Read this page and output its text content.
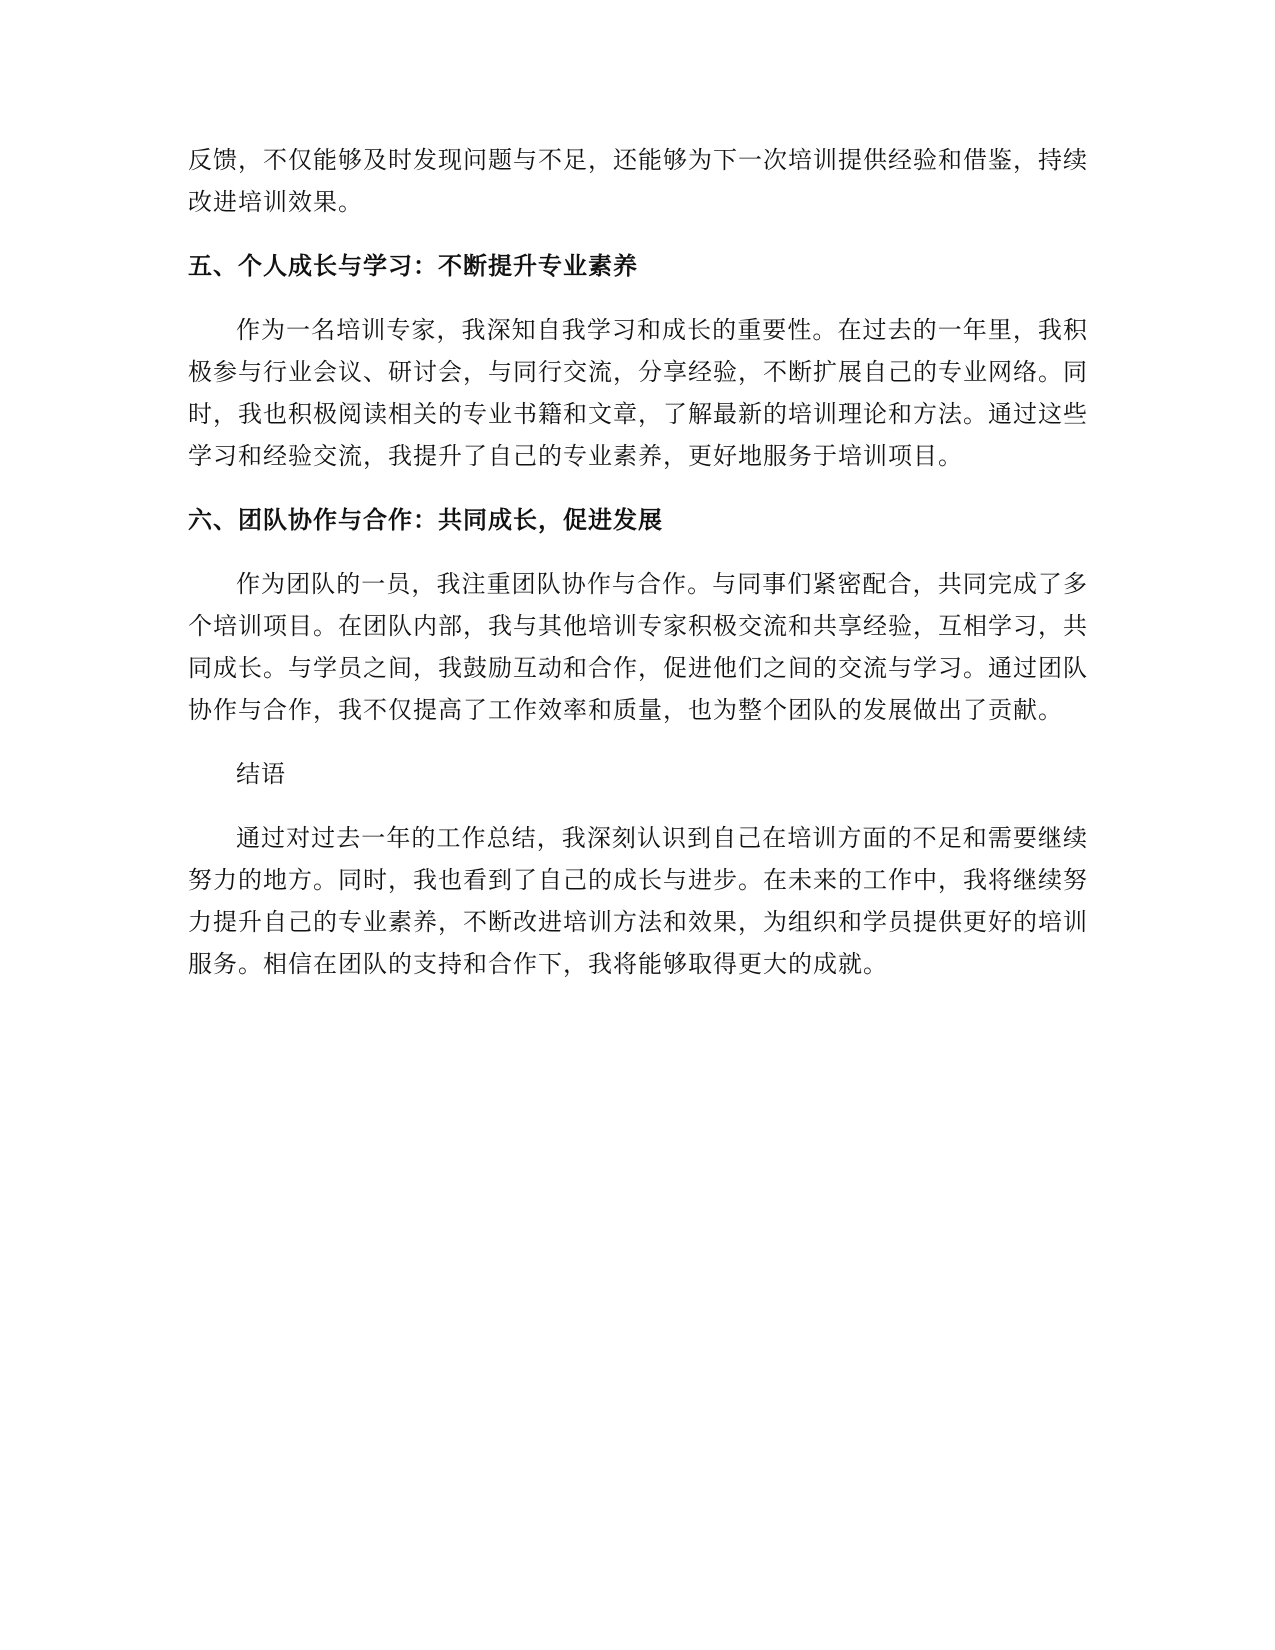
反馈，不仅能够及时发现问题与不足，还能够为下一次培训提供经验和借鉴，持续改进培训效果。

五、个人成长与学习：不断提升专业素养

作为一名培训专家，我深知自我学习和成长的重要性。在过去的一年里，我积极参与行业会议、研讨会，与同行交流，分享经验，不断扩展自己的专业网络。同时，我也积极阅读相关的专业书籍和文章，了解最新的培训理论和方法。通过这些学习和经验交流，我提升了自己的专业素养，更好地服务于培训项目。

六、团队协作与合作：共同成长，促进发展

作为团队的一员，我注重团队协作与合作。与同事们紧密配合，共同完成了多个培训项目。在团队内部，我与其他培训专家积极交流和共享经验，互相学习，共同成长。与学员之间，我鼓励互动和合作，促进他们之间的交流与学习。通过团队协作与合作，我不仅提高了工作效率和质量，也为整个团队的发展做出了贡献。

结语

通过对过去一年的工作总结，我深刻认识到自己在培训方面的不足和需要继续努力的地方。同时，我也看到了自己的成长与进步。在未来的工作中，我将继续努力提升自己的专业素养，不断改进培训方法和效果，为组织和学员提供更好的培训服务。相信在团队的支持和合作下，我将能够取得更大的成就。
